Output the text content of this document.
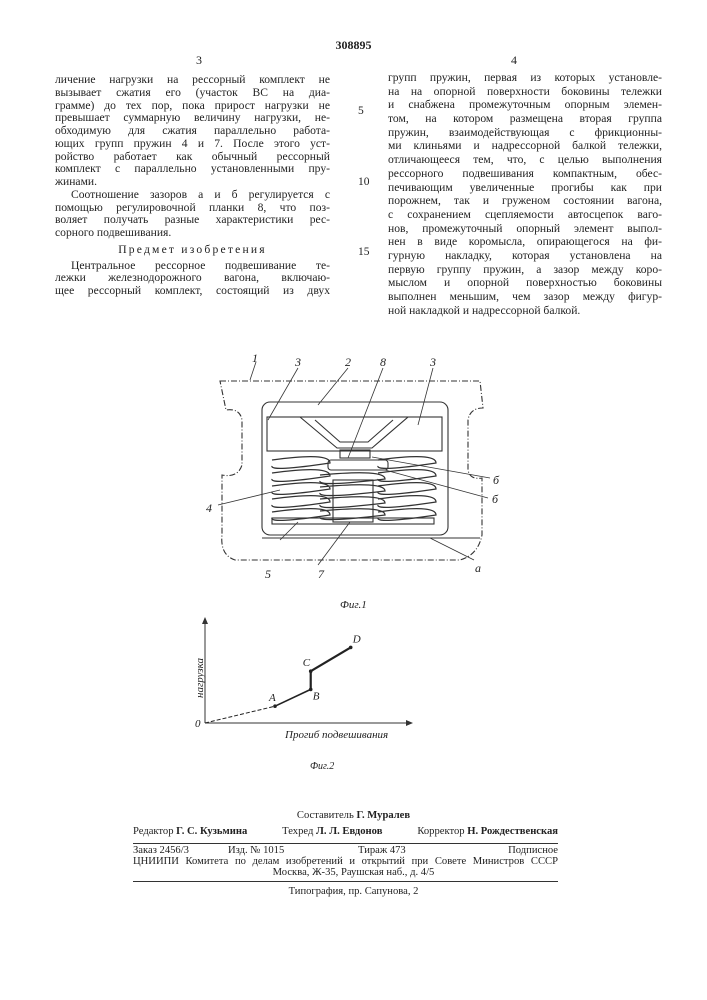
308895
3	4
личение нагрузки на рессорный комплект не
вызывает сжатия его (участок BC на диа-
грамме) до тех пор, пока прирост нагрузки не
превышает суммарную величину нагрузки, не-
обходимую для сжатия параллельно работа-
ющих групп пружин 4 и 7. После этого уст-
ройство работает как обычный рессорный
комплект с параллельно установленными пру-
жинами.
Соотношение зазоров а и б регулируется с
помощью регулировочной планки 8, что поз-
воляет получать разные характеристики рес-
сорного подвешивания.
Предмет изобретения
Центральное рессорное подвешивание те-
лежки железнодорожного вагона, включаю-
щее рессорный комплект, состоящий из двух
групп пружин, первая из которых установле-
на на опорной поверхности боковины тележки
и снабжена промежуточным опорным элемен-
том, на котором размещена вторая группа
пружин, взаимодействующая с фрикционны-
ми клиньями и надрессорной балкой тележки,
отличающееся тем, что, с целью выполнения
рессорного подвешивания компактным, обес-
печивающим увеличенные прогибы как при
порожнем, так и груженом состоянии вагона,
с сохранением сцепляемости автосцепок ваго-
нов, промежуточный опорный элемент выпол-
нен в виде коромысла, опирающегося на фи-
гурную накладку, которая установлена на
первую группу пружин, а зазор между коро-
мыслом и опорной поверхностью боковины
выполнен меньшим, чем зазор между фигур-
ной накладкой и надрессорной балкой.
5
10
15
1	3	2 8	3
б
б
4
5	7	а
Фиг.1
A	B
C
D
0
нагрузка
Прогиб подвешивания
Фиг.2
Составитель Г. Муралев
Редактор Г. С. Кузьмина	Техред Л. Л. Евдонов	Корректор Н. Рождественская
Заказ 2456/3	Изд. № 1015	Тираж 473	Подписное
ЦНИИПИ Комитета по делам изобретений и открытий при Совете Министров СССР
Москва, Ж-35, Раушская наб., д. 4/5
Типография, пр. Сапунова, 2
